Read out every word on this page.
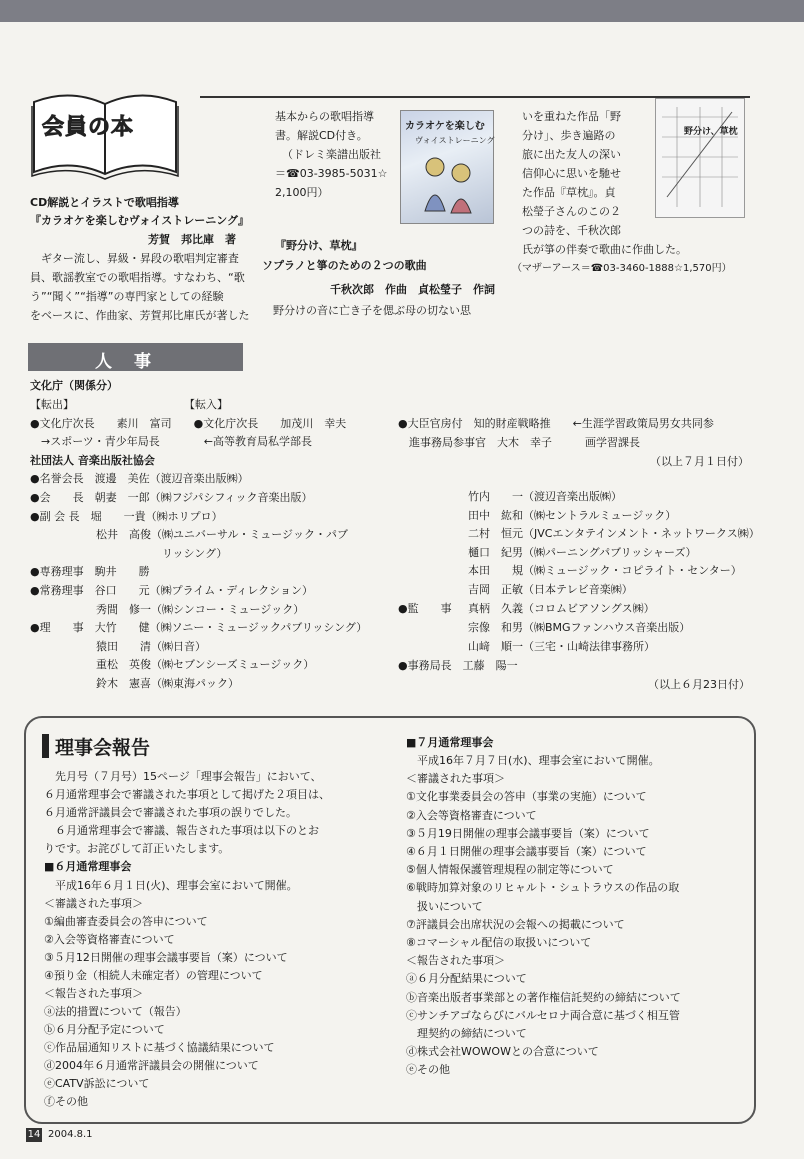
会員の本
CD解説とイラストで歌唱指導
『カラオケを楽しむヴォイストレーニング』
芳賀　邦比庫　著
　ギター流し、昇級・昇段の歌唱判定審査
員、歌謡教室での歌唱指導。すなわち、“歌
う”“聞く”“指導”の専門家としての経験
をベースに、作曲家、芳賀邦比庫氏が著した
基本からの歌唱指導
書。解説CD付き。
（ドレミ楽譜出版社
＝☎03-3985-5031☆
2,100円）
カラオケを楽しむ
ヴォイストレーニング
『野分け、草枕』
ソプラノと箏のための２つの歌曲
千秋次郎　作曲　貞松瑩子　作詞
　野分けの音に亡き子を偲ぶ母の切ない思
いを重ねた作品「野
分け」、歩き遍路の
旅に出た友人の深い
信仰心に思いを馳せ
た作品『草枕』。貞
松瑩子さんのこの２
つの詩を、千秋次郎
氏が箏の伴奏で歌曲に作曲した。
（マザーアース＝☎03-3460-1888☆1,570円）
野分け、草枕
人事
文化庁（関係分）
【転出】　　　　　　　　　　　【転入】
●文化庁次長　　素川　富司　　●文化庁次長　　加茂川　幸夫
　→スポーツ・青少年局長　　　　←高等教育局私学部長
社団法人 音楽出版社協会
●名誉会長　渡邊　美佐（渡辺音楽出版㈱）
●会　　長　朝妻　一郎（㈱フジパシフィック音楽出版）
●副 会 長　堀　　一貴（㈱ホリプロ）
　　　　　　松井　高俊（㈱ユニバーサル・ミュージック・パブ
　　　　　　　　　　　　リッシング）
●専務理事　駒井　　勝
●常務理事　谷口　　元（㈱プライム・ディレクション）
　　　　　　秀間　修一（㈱シンコー・ミュージック）
●理　　事　大竹　　健（㈱ソニー・ミュージックパブリッシング）
　　　　　　猿田　　清（㈱日音）
　　　　　　重松　英俊（㈱セブンシーズミュージック）
　　　　　　鈴木　憲喜（㈱東海パック）
●大臣官房付　知的財産戦略推　　←生涯学習政策局男女共同参
　進事務局参事官　大木　幸子　　　画学習課長
（以上７月１日付）
竹内　　一（渡辺音楽出版㈱）
田中　紘和（㈱セントラルミュージック）
二村　恒元（JVCエンタテインメント・ネットワークス㈱）
樋口　紀男（㈱パーニングパブリッシャーズ）
本田　　規（㈱ミュージック・コピライト・センター）
吉岡　正敏（日本テレビ音楽㈱）
●監　　事 真柄　久義（コロムビアソングス㈱）
宗像　和男（㈱BMGファンハウス音楽出版）
山﨑　順一（三宅・山崎法律事務所）
●事務局長　工藤　陽一
（以上６月23日付）
理事会報告
　先月号（７月号）15ページ「理事会報告」において、
６月通常理事会で審議された事項として掲げた２項目は、
６月通常評議員会で審議された事項の誤りでした。
　６月通常理事会で審議、報告された事項は以下のとお
りです。お詫びして訂正いたします。
■６月通常理事会
　平成16年６月１日(火)、理事会室において開催。
＜審議された事項＞
①編曲審査委員会の答申について
②入会等資格審査について
③５月12日開催の理事会議事要旨（案）について
④預り金（相続人未確定者）の管理について
＜報告された事項＞
ⓐ法的措置について（報告）
ⓑ６月分配予定について
ⓒ作品届通知リストに基づく協議結果について
ⓓ2004年６月通常評議員会の開催について
ⓔCATV訴訟について
ⓕその他
■７月通常理事会
　平成16年７月７日(水)、理事会室において開催。
＜審議された事項＞
①文化事業委員会の答申（事業の実施）について
②入会等資格審査について
③５月19日開催の理事会議事要旨（案）について
④６月１日開催の理事会議事要旨（案）について
⑤個人情報保護管理規程の制定等について
⑥戦時加算対象のリヒャルト・シュトラウスの作品の取
　扱いについて
⑦評議員会出席状況の会報への掲載について
⑧コマーシャル配信の取扱いについて
＜報告された事項＞
ⓐ６月分配結果について
ⓑ音楽出版者事業部との著作権信託契約の締結について
ⓒサンチアゴならびにバルセロナ両合意に基づく相互管
　理契約の締結について
ⓓ株式会社WOWOWとの合意について
ⓔその他
14 2004.8.1
